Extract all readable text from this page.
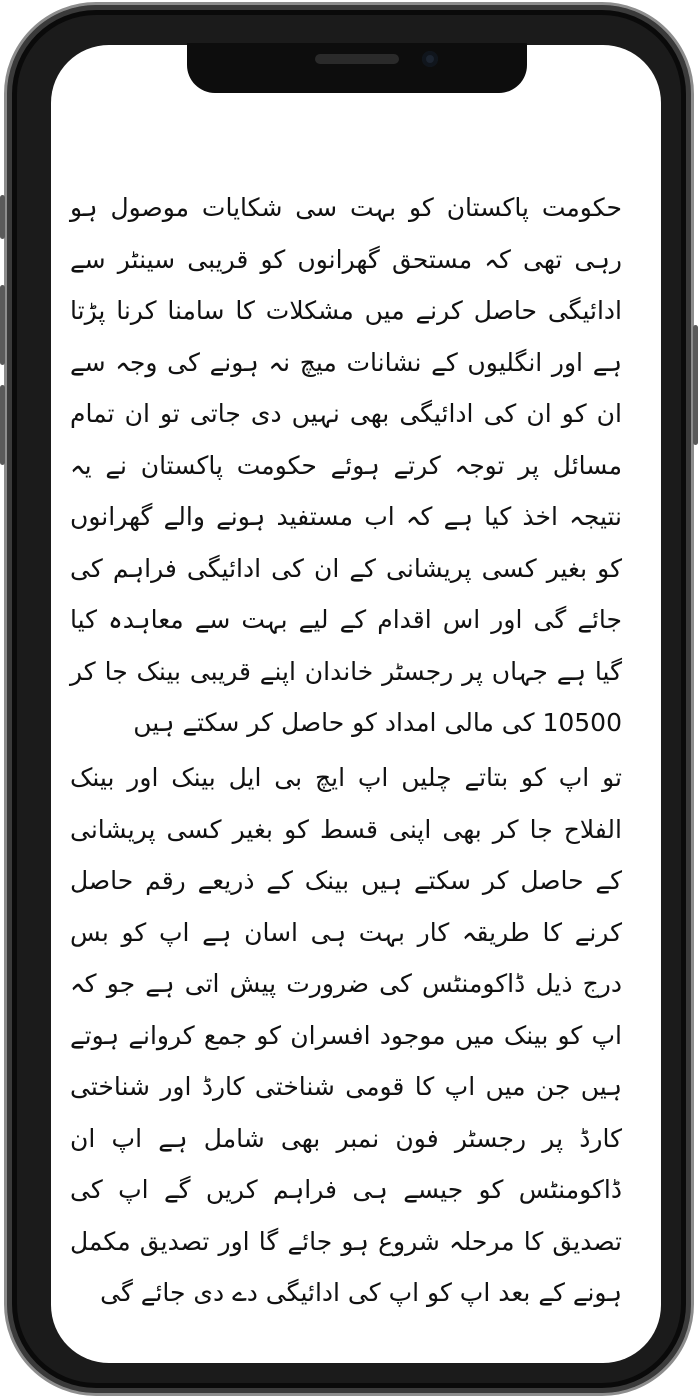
حکومت پاکستان کو بہت سی شکایات موصول ہو رہی تھی کہ مستحق گھرانوں کو قریبی سینٹر سے ادائیگی حاصل کرنے میں مشکلات کا سامنا کرنا پڑتا ہے اور انگلیوں کے نشانات میچ نہ ہونے کی وجہ سے ان کو ان کی ادائیگی بھی نہیں دی جاتی تو ان تمام مسائل پر توجہ کرتے ہوئے حکومت پاکستان نے یہ نتیجہ اخذ کیا ہے کہ اب مستفید ہونے والے گھرانوں کو بغیر کسی پریشانی کے ان کی ادائیگی فراہم کی جائے گی اور اس اقدام کے لیے بہت سے معاہدہ کیا گیا ہے جہاں پر رجسٹر خاندان اپنے قریبی بینک جا کر 10500 کی مالی امداد کو حاصل کر سکتے ہیں
تو اپ کو بتاتے چلیں اپ ایچ بی ایل بینک اور بینک الفلاح جا کر بھی اپنی قسط کو بغیر کسی پریشانی کے حاصل کر سکتے ہیں بینک کے ذریعے رقم حاصل کرنے کا طریقہ کار بہت ہی اسان ہے اپ کو بس درج ذیل ڈاکومنٹس کی ضرورت پیش اتی ہے جو کہ اپ کو بینک میں موجود افسران کو جمع کروانے ہوتے ہیں جن میں اپ کا قومی شناختی کارڈ اور شناختی کارڈ پر رجسٹر فون نمبر بھی شامل ہے اپ ان ڈاکومنٹس کو جیسے ہی فراہم کریں گے اپ کی تصدیق کا مرحلہ شروع ہو جائے گا اور تصدیق مکمل ہونے کے بعد اپ کو اپ کی ادائیگی دے دی جائے گی
